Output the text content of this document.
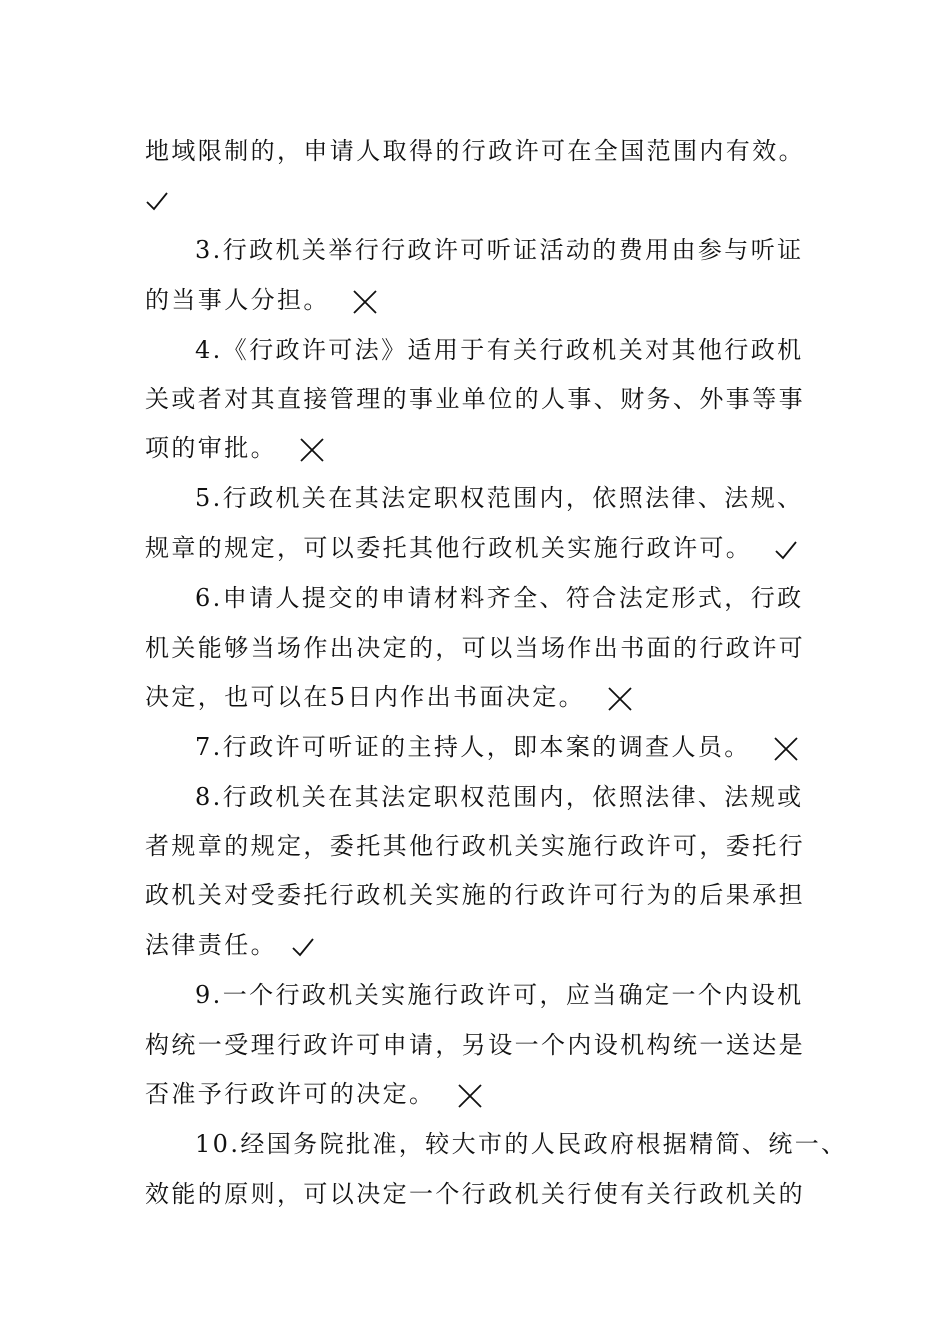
地域限制的，申请人取得的行政许可在全国范围内有效。
3.行政机关举行行政许可听证活动的费用由参与听证
的当事人分担。
4.《行政许可法》适用于有关行政机关对其他行政机
关或者对其直接管理的事业单位的人事、财务、外事等事
项的审批。
5.行政机关在其法定职权范围内，依照法律、法规、
规章的规定，可以委托其他行政机关实施行政许可。
6.申请人提交的申请材料齐全、符合法定形式，行政
机关能够当场作出决定的，可以当场作出书面的行政许可
决定，也可以在5日内作出书面决定。
7.行政许可听证的主持人，即本案的调查人员。
8.行政机关在其法定职权范围内，依照法律、法规或
者规章的规定，委托其他行政机关实施行政许可，委托行
政机关对受委托行政机关实施的行政许可行为的后果承担
法律责任。
9.一个行政机关实施行政许可，应当确定一个内设机
构统一受理行政许可申请，另设一个内设机构统一送达是
否准予行政许可的决定。
10.经国务院批准，较大市的人民政府根据精简、统一、
效能的原则，可以决定一个行政机关行使有关行政机关的
